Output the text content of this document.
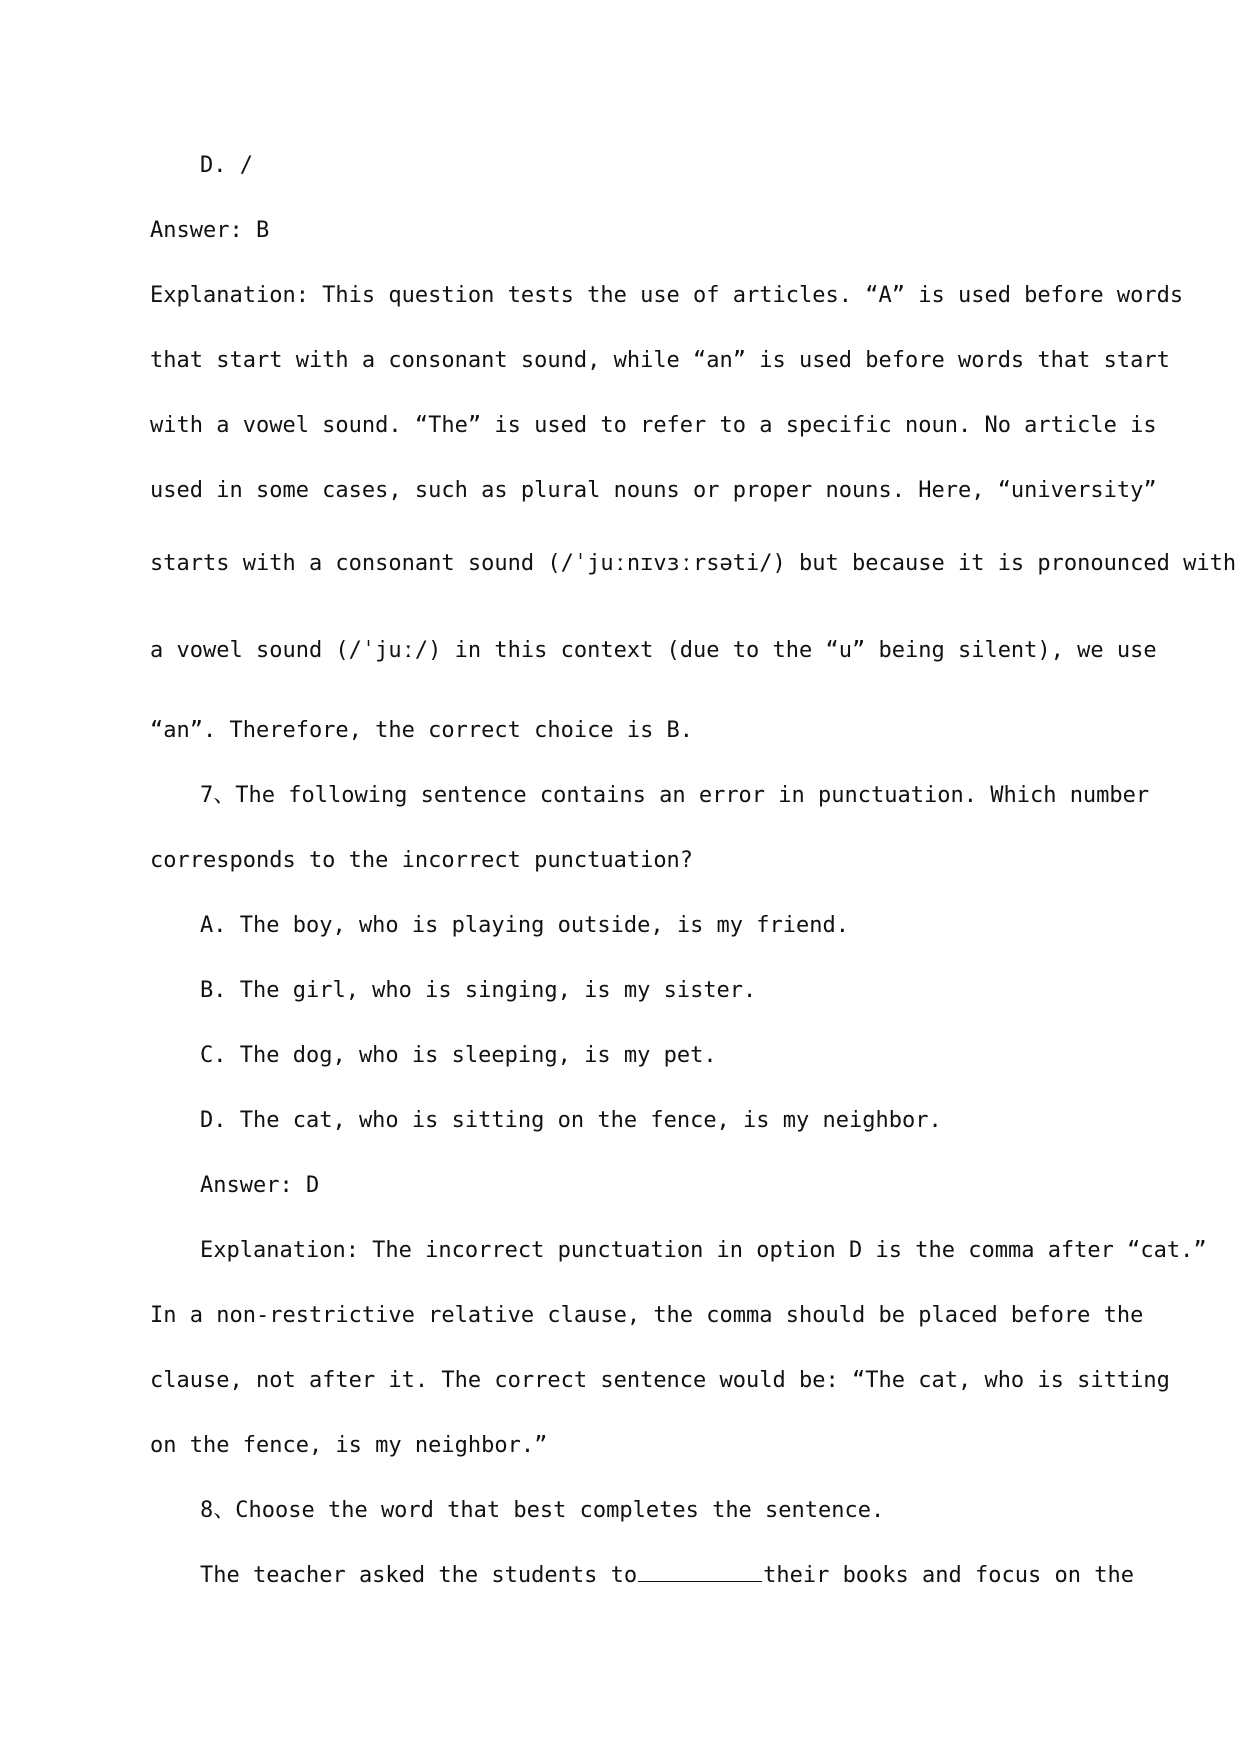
D. /

Answer: B

Explanation: This question tests the use of articles. “A” is used before words

that start with a consonant sound, while “an” is used before words that start

with a vowel sound. “The” is used to refer to a specific noun. No article is

used in some cases, such as plural nouns or proper nouns. Here, “university”

starts with a consonant sound (/ˈjuːnɪvɜːrsəti/) but because it is pronounced with

a vowel sound (/ˈjuː/) in this context (due to the “u” being silent), we use

“an”. Therefore, the correct choice is B.

7、The following sentence contains an error in punctuation. Which number

corresponds to the incorrect punctuation?

A. The boy, who is playing outside, is my friend.

B. The girl, who is singing, is my sister.

C. The dog, who is sleeping, is my pet.

D. The cat, who is sitting on the fence, is my neighbor.

Answer: D

Explanation: The incorrect punctuation in option D is the comma after “cat.”

In a non-restrictive relative clause, the comma should be placed before the

clause, not after it. The correct sentence would be: “The cat, who is sitting

on the fence, is my neighbor.”

8、Choose the word that best completes the sentence.

The teacher asked the students to	their books and focus on the
